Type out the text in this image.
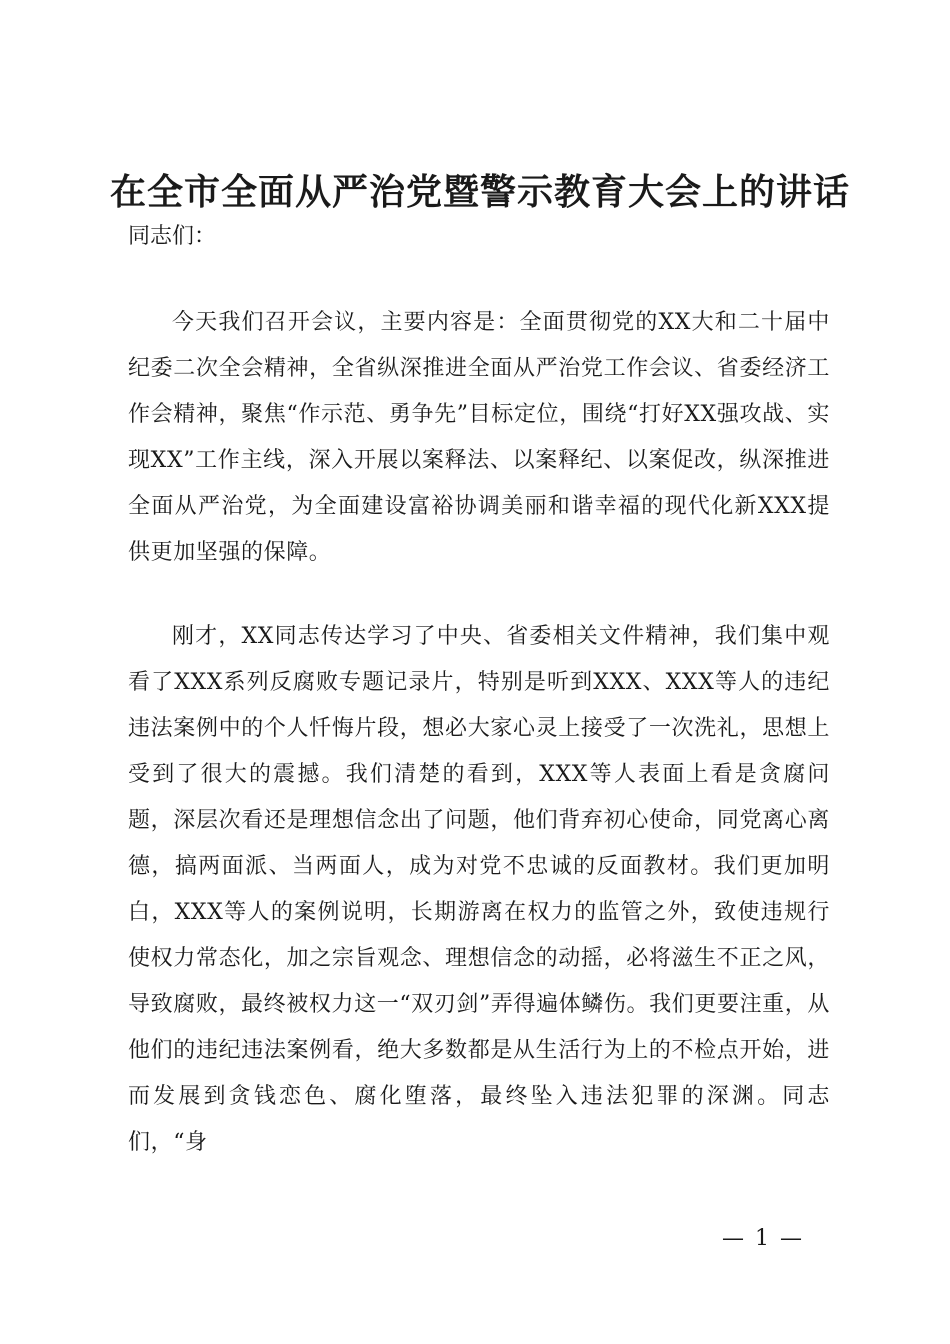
在全市全面从严治党暨警示教育大会上的讲话

同志们：

今天我们召开会议，主要内容是：全面贯彻党的XX大和二十届中纪委二次全会精神，全省纵深推进全面从严治党工作会议、省委经济工作会精神，聚焦“作示范、勇争先”目标定位，围绕“打好XX强攻战、实现XX”工作主线，深入开展以案释法、以案释纪、以案促改，纵深推进全面从严治党，为全面建设富裕协调美丽和谐幸福的现代化新XXX提供更加坚强的保障。

刚才，XX同志传达学习了中央、省委相关文件精神，我们集中观看了XXX系列反腐败专题记录片，特别是听到XXX、XXX等人的违纪违法案例中的个人忏悔片段，想必大家心灵上接受了一次洗礼，思想上受到了很大的震撼。我们清楚的看到，XXX等人表面上看是贪腐问题，深层次看还是理想信念出了问题，他们背弃初心使命，同党离心离德，搞两面派、当两面人，成为对党不忠诚的反面教材。我们更加明白，XXX等人的案例说明，长期游离在权力的监管之外，致使违规行使权力常态化，加之宗旨观念、理想信念的动摇，必将滋生不正之风，导致腐败，最终被权力这一“双刃剑”弄得遍体鳞伤。我们更要注重，从他们的违纪违法案例看，绝大多数都是从生活行为上的不检点开始，进而发展到贪钱恋色、腐化堕落，最终坠入违法犯罪的深渊。同志们，“身

— 1 —
